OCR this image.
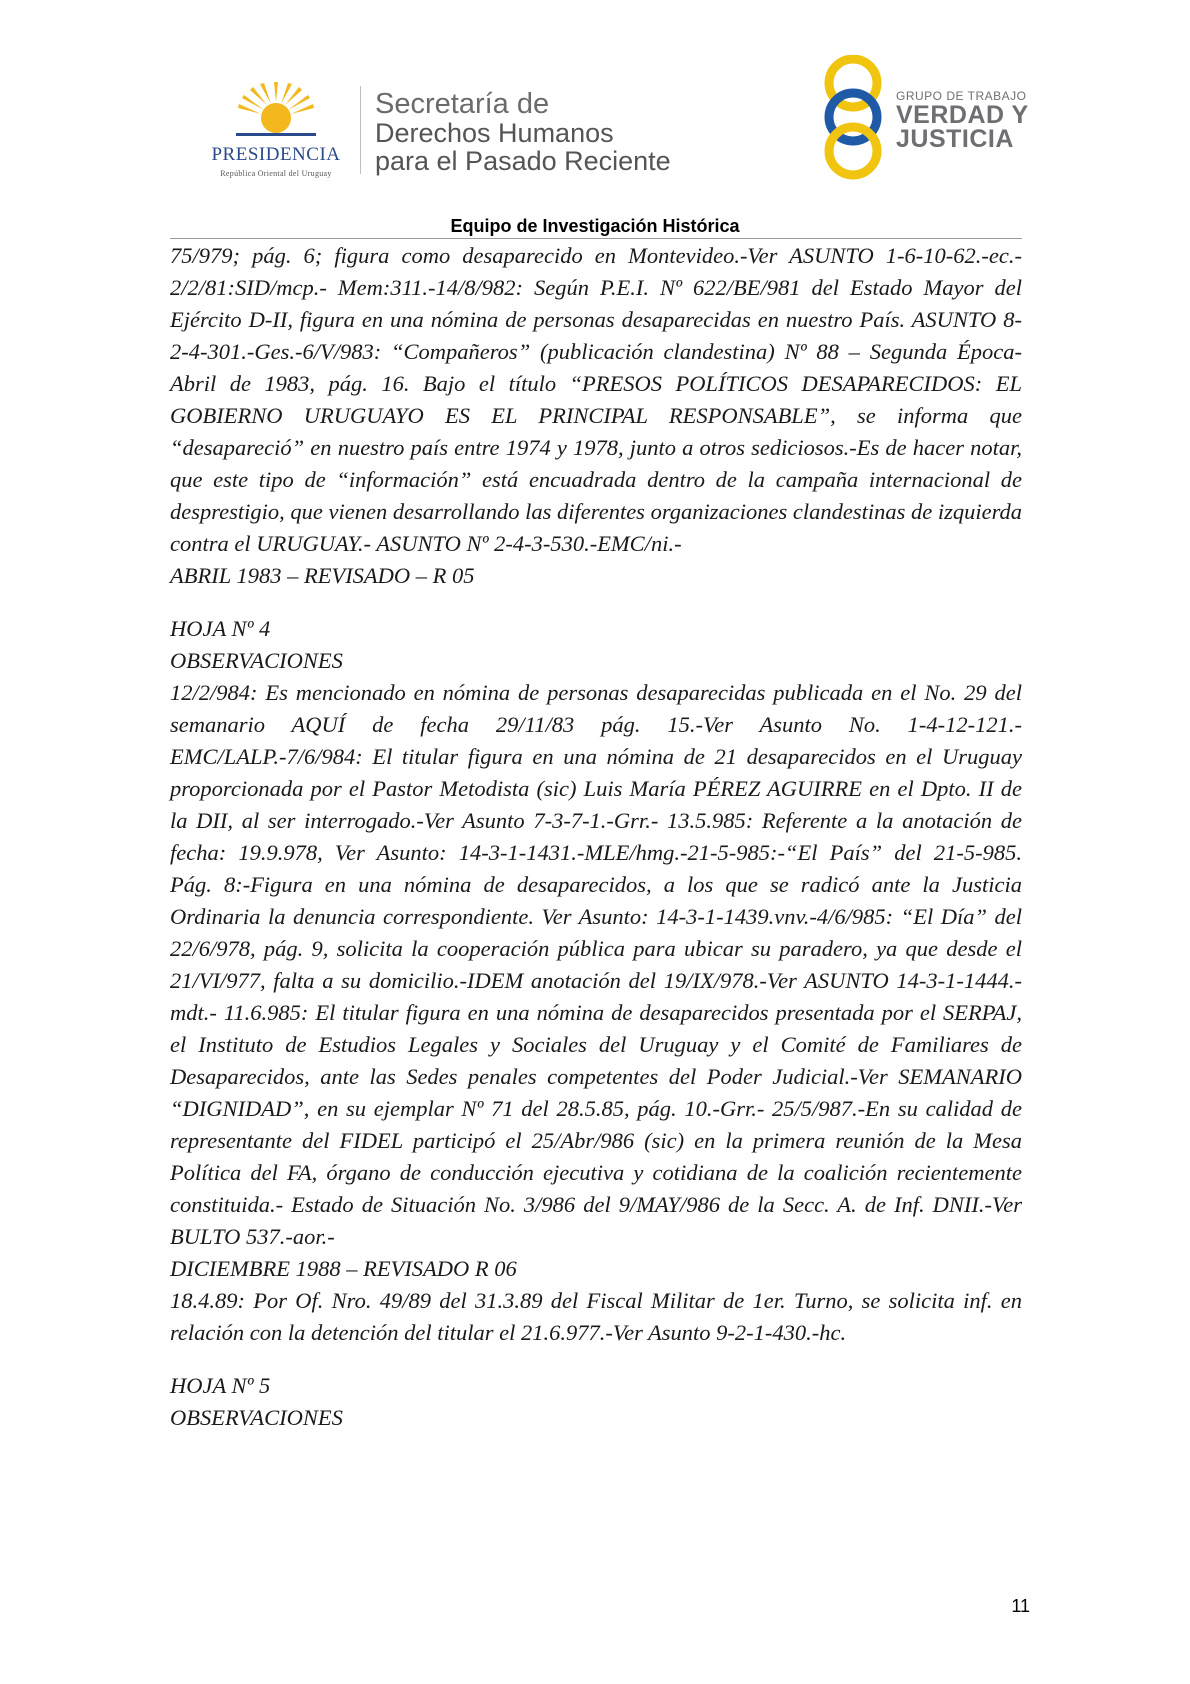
PRESIDENCIA
República Oriental del Uruguay
Secretaría de
Derechos Humanos
para el Pasado Reciente
GRUPO DE TRABAJO
VERDAD Y
JUSTICIA
Equipo de Investigación Histórica

75/979; pág. 6; figura como desaparecido en Montevideo.-Ver ASUNTO 1-6-10-62.-ec.- 2/2/81:SID/mcp.- Mem:311.-14/8/982: Según P.E.I. Nº 622/BE/981 del Estado Mayor del Ejército D-II, figura en una nómina de personas desaparecidas en nuestro País. ASUNTO 8-2-4-301.-Ges.-6/V/983: “Compañeros” (publicación clandestina) Nº 88 – Segunda Época- Abril de 1983, pág. 16. Bajo el título “PRESOS POLÍTICOS DESAPARECIDOS: EL GOBIERNO URUGUAYO ES EL PRINCIPAL RESPONSABLE”, se informa que “desapareció” en nuestro país entre 1974 y 1978, junto a otros sediciosos.-Es de hacer notar, que este tipo de “información” está encuadrada dentro de la campaña internacional de desprestigio, que vienen desarrollando las diferentes organizaciones clandestinas de izquierda contra el URUGUAY.- ASUNTO Nº 2-4-3-530.-EMC/ni.-

ABRIL 1983 – REVISADO – R 05

HOJA Nº 4

OBSERVACIONES

12/2/984: Es mencionado en nómina de personas desaparecidas publicada en el No. 29 del semanario AQUÍ de fecha 29/11/83 pág. 15.-Ver Asunto No. 1-4-12-121.- EMC/LALP.-7/6/984: El titular figura en una nómina de 21 desaparecidos en el Uruguay proporcionada por el Pastor Metodista (sic) Luis María PÉREZ AGUIRRE en el Dpto. II de la DII, al ser interrogado.-Ver Asunto 7-3-7-1.-Grr.- 13.5.985: Referente a la anotación de fecha: 19.9.978, Ver Asunto: 14-3-1-1431.-MLE/hmg.-21-5-985:-“El País” del 21-5-985. Pág. 8:-Figura en una nómina de desaparecidos, a los que se radicó ante la Justicia Ordinaria la denuncia correspondiente. Ver Asunto: 14-3-1-1439.vnv.-4/6/985: “El Día” del 22/6/978, pág. 9, solicita la cooperación pública para ubicar su paradero, ya que desde el 21/VI/977, falta a su domicilio.-IDEM anotación del 19/IX/978.-Ver ASUNTO 14-3-1-1444.-mdt.- 11.6.985: El titular figura en una nómina de desaparecidos presentada por el SERPAJ, el Instituto de Estudios Legales y Sociales del Uruguay y el Comité de Familiares de Desaparecidos, ante las Sedes penales competentes del Poder Judicial.-Ver SEMANARIO “DIGNIDAD”, en su ejemplar Nº 71 del 28.5.85, pág. 10.-Grr.- 25/5/987.-En su calidad de representante del FIDEL participó el 25/Abr/986 (sic) en la primera reunión de la Mesa Política del FA, órgano de conducción ejecutiva y cotidiana de la coalición recientemente constituida.- Estado de Situación No. 3/986 del 9/MAY/986 de la Secc. A. de Inf. DNII.-Ver BULTO 537.-aor.-

DICIEMBRE 1988 – REVISADO R 06

18.4.89: Por Of. Nro. 49/89 del 31.3.89 del Fiscal Militar de 1er. Turno, se solicita inf. en relación con la detención del titular el 21.6.977.-Ver Asunto 9-2-1-430.-hc.

HOJA Nº 5

OBSERVACIONES

11
